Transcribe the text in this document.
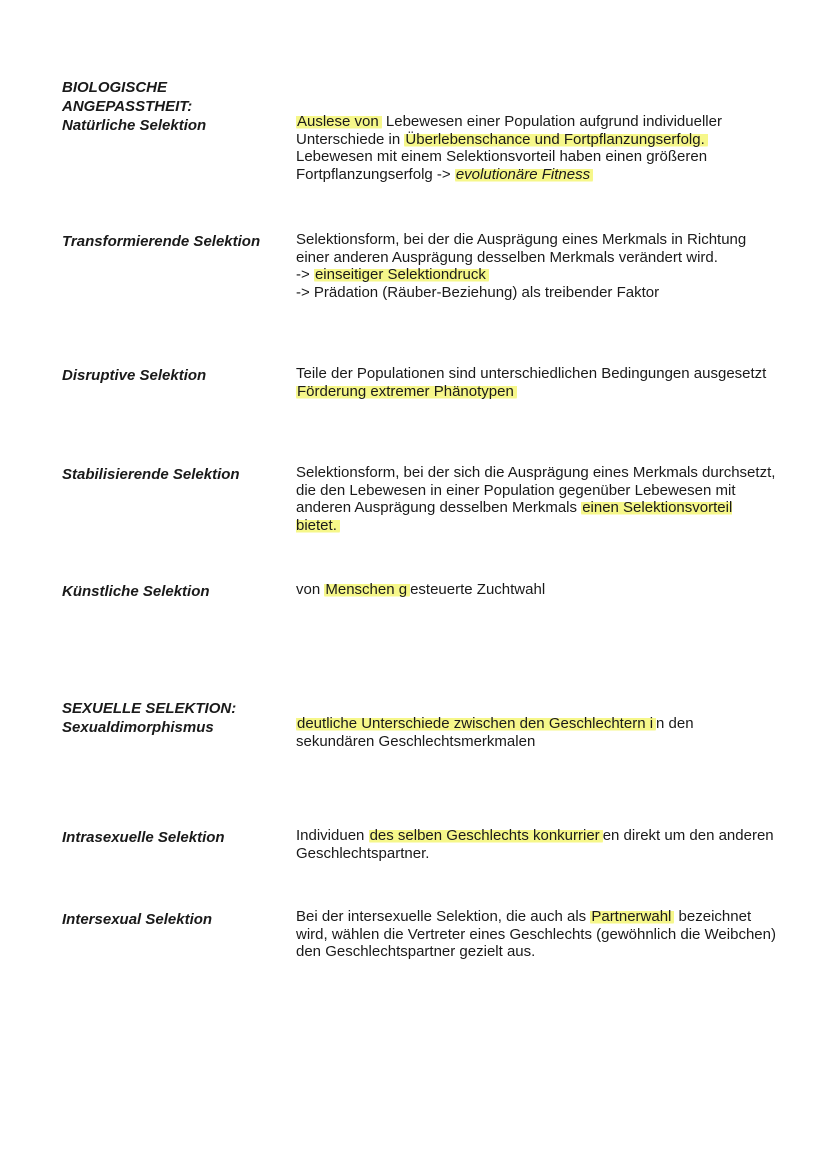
BIOLOGISCHE ANGEPASSTHEIT:
Natürliche Selektion	Auslese von Lebewesen einer Population aufgrund individueller

Unterschiede in Überlebenschance und Fortpflanzungserfolg.

Lebewesen mit einem Selektionsvorteil haben einen größeren

Fortpflanzungserfolg -> evolutionäre Fitness

Transformierende Selektion	Selektionsform, bei der die Ausprägung eines Merkmals in Richtung einer anderen Ausprägung desselben Merkmals verändert wird.

-> einseitiger Selektiondruck

-> Prädation (Räuber-Beziehung) als treibender Faktor

Disruptive Selektion	Teile der Populationen sind unterschiedlichen Bedingungen ausgesetzt

Förderung extremer Phänotypen

Stabilisierende Selektion	Selektionsform, bei der sich die Ausprägung eines Merkmals durchsetzt, die den Lebewesen in einer Population gegenüber Lebewesen mit anderen Ausprägung desselben Merkmals einen Selektionsvorteil bietet.

Künstliche Selektion	von Menschen g esteuerte Zuchtwahl

SEXUELLE SELEKTION:
Sexualdimorphismus	deutliche Unterschiede zwischen den Geschlechtern i n den sekundären Geschlechtsmerkmalen

Intrasexuelle Selektion	Individuen des selben Geschlechts konkurrier en direkt um den anderen Geschlechtspartner.

Intersexual Selektion	Bei der intersexuelle Selektion, die auch als Partnerwahl bezeichnet wird, wählen die Vertreter eines Geschlechts (gewöhnlich die Weibchen) den Geschlechtspartner gezielt aus.
